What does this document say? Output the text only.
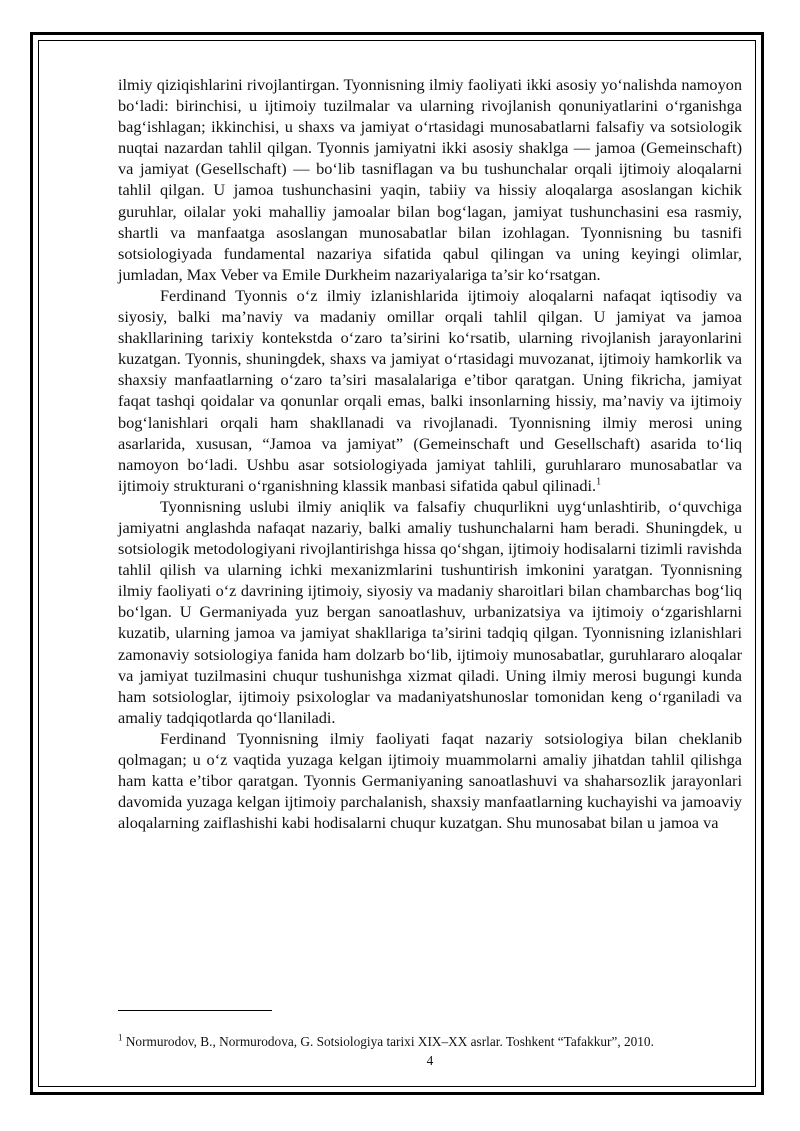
ilmiy qiziqishlarini rivojlantirgan. Tyonnisning ilmiy faoliyati ikki asosiy yo‘nalishda namoyon bo‘ladi: birinchisi, u ijtimoiy tuzilmalar va ularning rivojlanish qonuniyatlarini o‘rganishga bag‘ishlagan; ikkinchisi, u shaxs va jamiyat o‘rtasidagi munosabatlarni falsafiy va sotsiologik nuqtai nazardan tahlil qilgan. Tyonnis jamiyatni ikki asosiy shaklga — jamoa (Gemeinschaft) va jamiyat (Gesellschaft) — bo‘lib tasniflagan va bu tushunchalar orqali ijtimoiy aloqalarni tahlil qilgan. U jamoa tushunchasini yaqin, tabiiy va hissiy aloqalarga asoslangan kichik guruhlar, oilalar yoki mahalliy jamoalar bilan bog‘lagan, jamiyat tushunchasini esa rasmiy, shartli va manfaatga asoslangan munosabatlar bilan izohlagan. Tyonnisning bu tasnifi sotsiologiyada fundamental nazariya sifatida qabul qilingan va uning keyingi olimlar, jumladan, Max Veber va Emile Durkheim nazariyalariga ta’sir ko‘rsatgan.

Ferdinand Tyonnis o‘z ilmiy izlanishlarida ijtimoiy aloqalarni nafaqat iqtisodiy va siyosiy, balki ma’naviy va madaniy omillar orqali tahlil qilgan. U jamiyat va jamoa shakllarining tarixiy kontekstda o‘zaro ta’sirini ko‘rsatib, ularning rivojlanish jarayonlarini kuzatgan. Tyonnis, shuningdek, shaxs va jamiyat o‘rtasidagi muvozanat, ijtimoiy hamkorlik va shaxsiy manfaatlarning o‘zaro ta’siri masalalariga e’tibor qaratgan. Uning fikricha, jamiyat faqat tashqi qoidalar va qonunlar orqali emas, balki insonlarning hissiy, ma’naviy va ijtimoiy bog‘lanishlari orqali ham shakllanadi va rivojlanadi. Tyonnisning ilmiy merosi uning asarlarida, xususan, “Jamoa va jamiyat” (Gemeinschaft und Gesellschaft) asarida to‘liq namoyon bo‘ladi. Ushbu asar sotsiologiyada jamiyat tahlili, guruhlararo munosabatlar va ijtimoiy strukturani o‘rganishning klassik manbasi sifatida qabul qilinadi.$^1$

Tyonnisning uslubi ilmiy aniqlik va falsafiy chuqurlikni uyg‘unlashtirib, o‘quvchiga jamiyatni anglashda nafaqat nazariy, balki amaliy tushunchalarni ham beradi. Shuningdek, u sotsiologik metodologiyani rivojlantirishga hissa qo‘shgan, ijtimoiy hodisalarni tizimli ravishda tahlil qilish va ularning ichki mexanizmlarini tushuntirish imkonini yaratgan. Tyonnisning ilmiy faoliyati o‘z davrining ijtimoiy, siyosiy va madaniy sharoitlari bilan chambarchas bog‘liq bo‘lgan. U Germaniyada yuz bergan sanoatlashuv, urbanizatsiya va ijtimoiy o‘zgarishlarni kuzatib, ularning jamoa va jamiyat shakllariga ta’sirini tadqiq qilgan. Tyonnisning izlanishlari zamonaviy sotsiologiya fanida ham dolzarb bo‘lib, ijtimoiy munosabatlar, guruhlararo aloqalar va jamiyat tuzilmasini chuqur tushunishga xizmat qiladi. Uning ilmiy merosi bugungi kunda ham sotsiologlar, ijtimoiy psixologlar va madaniyatshunoslar tomonidan keng o‘rganiladi va amaliy tadqiqotlarda qo‘llaniladi.

Ferdinand Tyonnisning ilmiy faoliyati faqat nazariy sotsiologiya bilan cheklanib qolmagan; u o‘z vaqtida yuzaga kelgan ijtimoiy muammolarni amaliy jihatdan tahlil qilishga ham katta e’tibor qaratgan. Tyonnis Germaniyaning sanoatlashuvi va shaharsozlik jarayonlari davomida yuzaga kelgan ijtimoiy parchalanish, shaxsiy manfaatlarning kuchayishi va jamoaviy aloqalarning zaiflashishi kabi hodisalarni chuqur kuzatgan. Shu munosabat bilan u jamoa va

$^1$ Normurodov, B., Normurodova, G. Sotsiologiya tarixi XIX–XX asrlar. Toshkent “Tafakkur”, 2010.
4
